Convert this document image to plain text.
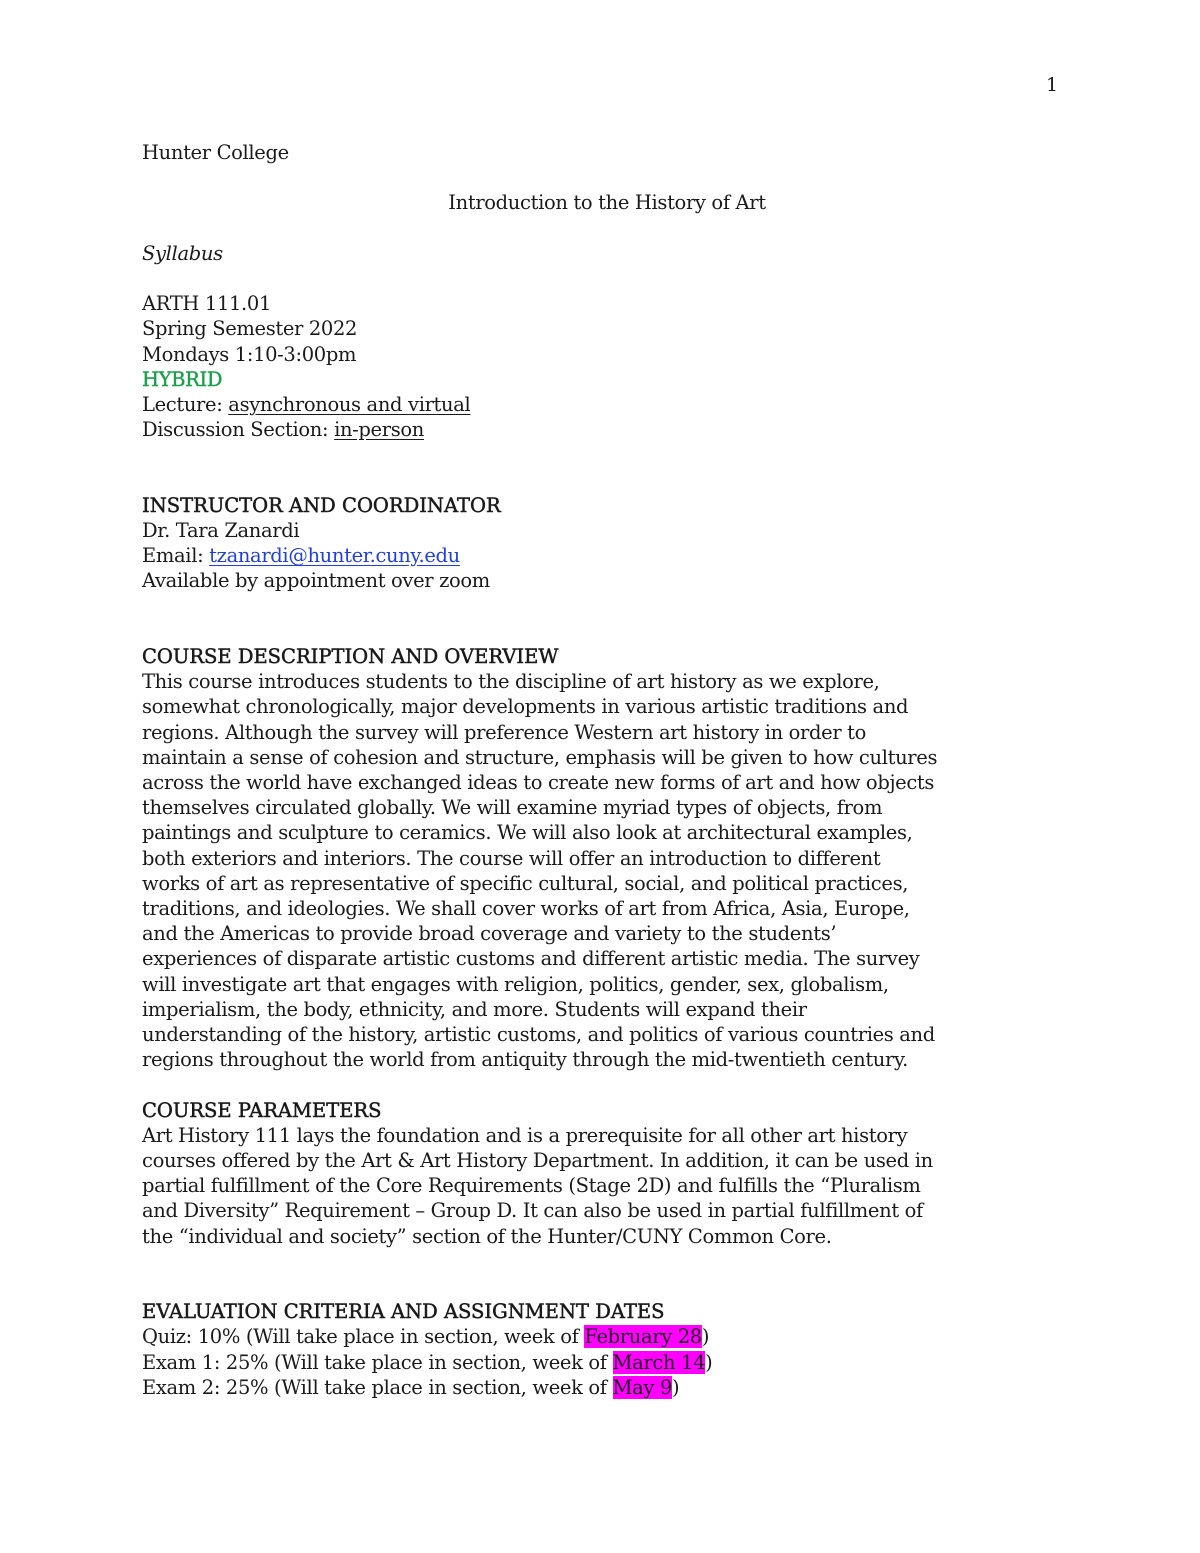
1
Hunter College
Introduction to the History of Art
Syllabus
ARTH 111.01
Spring Semester 2022
Mondays 1:10-3:00pm
HYBRID
Lecture: asynchronous and virtual
Discussion Section: in-person
INSTRUCTOR AND COORDINATOR
Dr. Tara Zanardi
Email: tzanardi@hunter.cuny.edu
Available by appointment over zoom
COURSE DESCRIPTION AND OVERVIEW
This course introduces students to the discipline of art history as we explore,
somewhat chronologically, major developments in various artistic traditions and
regions. Although the survey will preference Western art history in order to
maintain a sense of cohesion and structure, emphasis will be given to how cultures
across the world have exchanged ideas to create new forms of art and how objects
themselves circulated globally. We will examine myriad types of objects, from
paintings and sculpture to ceramics. We will also look at architectural examples,
both exteriors and interiors. The course will offer an introduction to different
works of art as representative of specific cultural, social, and political practices,
traditions, and ideologies. We shall cover works of art from Africa, Asia, Europe,
and the Americas to provide broad coverage and variety to the students’
experiences of disparate artistic customs and different artistic media. The survey
will investigate art that engages with religion, politics, gender, sex, globalism,
imperialism, the body, ethnicity, and more. Students will expand their
understanding of the history, artistic customs, and politics of various countries and
regions throughout the world from antiquity through the mid-twentieth century.
COURSE PARAMETERS
Art History 111 lays the foundation and is a prerequisite for all other art history
courses offered by the Art & Art History Department. In addition, it can be used in
partial fulfillment of the Core Requirements (Stage 2D) and fulfills the “Pluralism
and Diversity” Requirement – Group D. It can also be used in partial fulfillment of
the “individual and society” section of the Hunter/CUNY Common Core.
EVALUATION CRITERIA AND ASSIGNMENT DATES
Quiz: 10% (Will take place in section, week of February 28)
Exam 1: 25% (Will take place in section, week of March 14)
Exam 2: 25% (Will take place in section, week of May 9)
